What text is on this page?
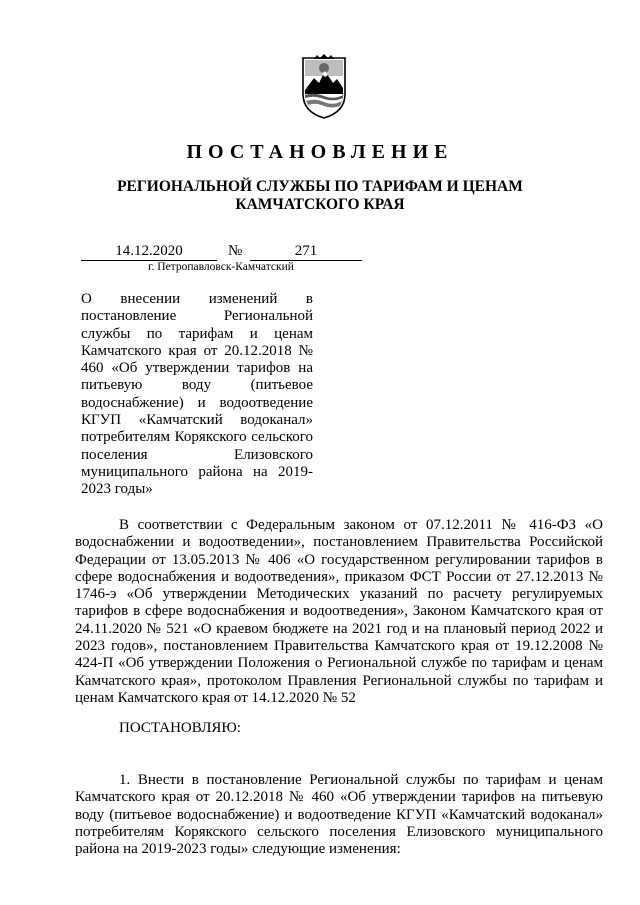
ПОСТАНОВЛЕНИЕ
РЕГИОНАЛЬНОЙ СЛУЖБЫ ПО ТАРИФАМ И ЦЕНАМ
КАМЧАТСКОГО КРАЯ
14.12.2020	№	271
г. Петропавловск-Камчатский
О внесении изменений в постановление Региональной службы по тарифам и ценам Камчатского края от 20.12.2018 № 460 «Об утверждении тарифов на питьевую воду (питьевое водоснабжение) и водоотведение КГУП «Камчатский водоканал» потребителям Корякского сельского поселения Елизовского муниципального района на 2019-2023 годы»
В соответствии с Федеральным законом от 07.12.2011 № 416-ФЗ «О водоснабжении и водоотведении», постановлением Правительства Российской Федерации от 13.05.2013 № 406 «О государственном регулировании тарифов в сфере водоснабжения и водоотведения», приказом ФСТ России от 27.12.2013 № 1746-э «Об утверждении Методических указаний по расчету регулируемых тарифов в сфере водоснабжения и водоотведения», Законом Камчатского края от 24.11.2020 № 521 «О краевом бюджете на 2021 год и на плановый период 2022 и 2023 годов», постановлением Правительства Камчатского края от 19.12.2008 № 424-П «Об утверждении Положения о Региональной службе по тарифам и ценам Камчатского края», протоколом Правления Региональной службы по тарифам и ценам Камчатского края от 14.12.2020 № 52
ПОСТАНОВЛЯЮ:
1. Внести в постановление Региональной службы по тарифам и ценам Камчатского края от 20.12.2018 № 460 «Об утверждении тарифов на питьевую воду (питьевое водоснабжение) и водоотведение КГУП «Камчатский водоканал» потребителям Корякского сельского поселения Елизовского муниципального района на 2019-2023 годы» следующие изменения:
